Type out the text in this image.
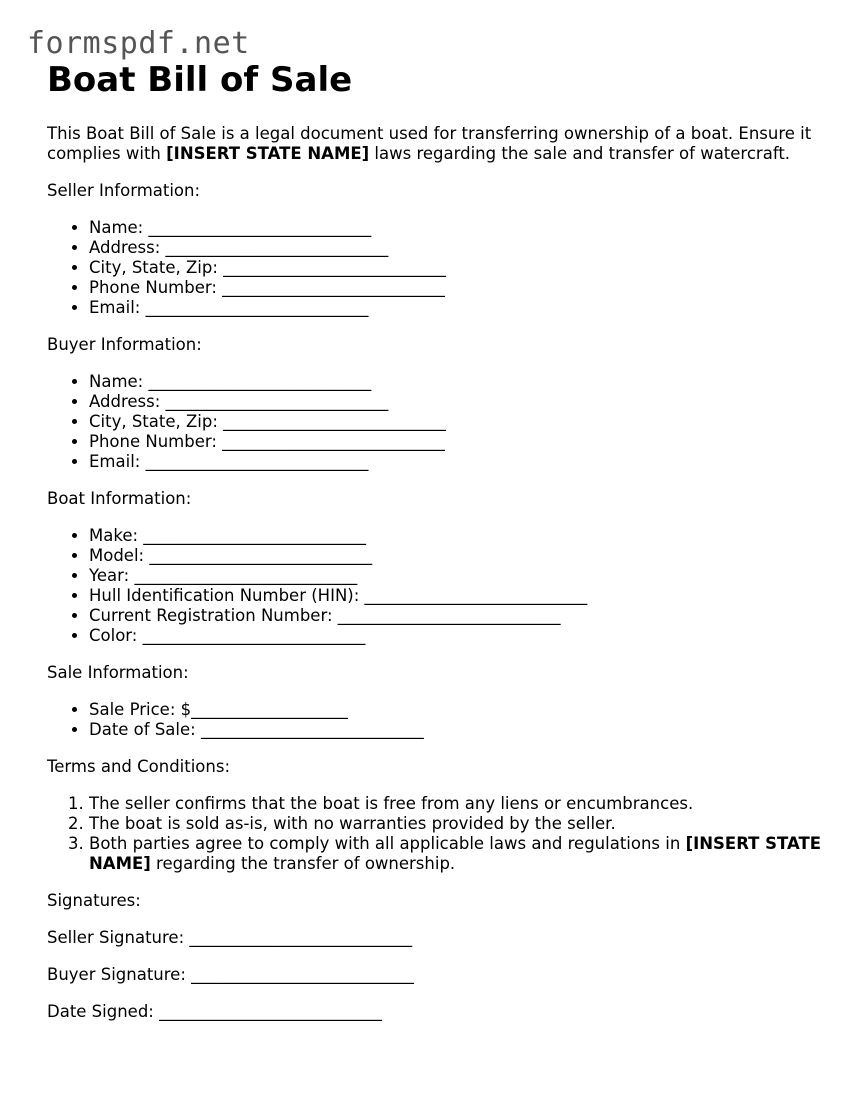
formspdf.net
Boat Bill of Sale

This Boat Bill of Sale is a legal document used for transferring ownership of a boat. Ensure it complies with [INSERT STATE NAME] laws regarding the sale and transfer of watercraft.

Seller Information:

• Name: ___________________________
• Address: ___________________________
• City, State, Zip: ___________________________
• Phone Number: ___________________________
• Email: ___________________________

Buyer Information:

• Name: ___________________________
• Address: ___________________________
• City, State, Zip: ___________________________
• Phone Number: ___________________________
• Email: ___________________________

Boat Information:

• Make: ___________________________
• Model: ___________________________
• Year: ___________________________
• Hull Identification Number (HIN): ___________________________
• Current Registration Number: ___________________________
• Color: ___________________________

Sale Information:

• Sale Price: $___________________
• Date of Sale: ___________________________

Terms and Conditions:

1. The seller confirms that the boat is free from any liens or encumbrances.
2. The boat is sold as-is, with no warranties provided by the seller.
3. Both parties agree to comply with all applicable laws and regulations in [INSERT STATE NAME] regarding the transfer of ownership.

Signatures:

Seller Signature: ___________________________

Buyer Signature: ___________________________

Date Signed: ___________________________
